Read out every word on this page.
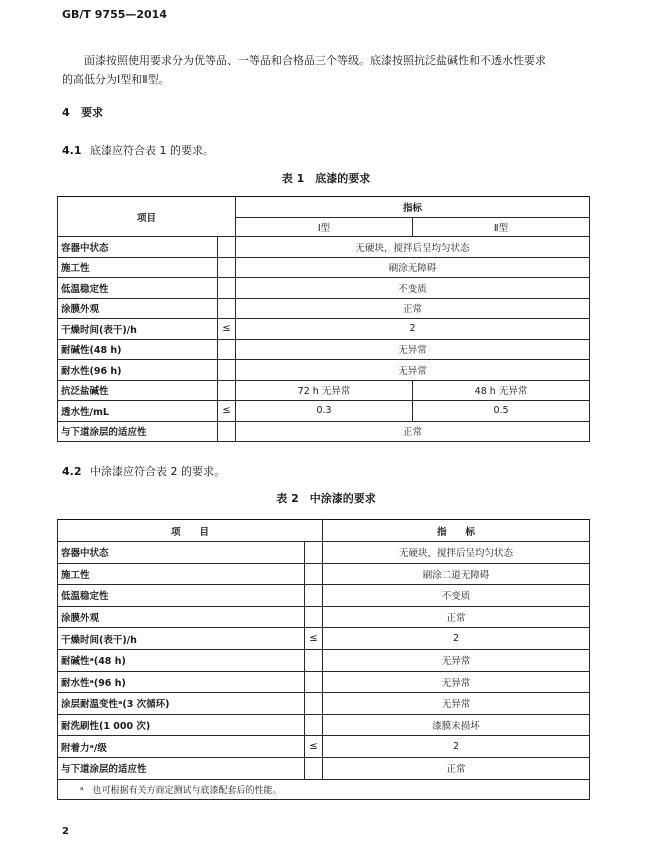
GB/T 9755—2014

面漆按照使用要求分为优等品、一等品和合格品三个等级。底漆按照抗泛盐碱性和不透水性要求

的高低分为Ⅰ型和Ⅱ型。

4 要求
4.1 底漆应符合表 1 的要求。
表 1　底漆的要求
项目		指标	
		Ⅰ型	Ⅱ型
容器中状态		无硬块，搅拌后呈均匀状态	
施工性		刷涂无障碍	
低温稳定性		不变质	
涂膜外观		正常	
干燥时间(表干)/h	≤	2	
耐碱性(48 h)		无异常	
耐水性(96 h)		无异常	
抗泛盐碱性		72 h 无异常	48 h 无异常
透水性/mL	≤	0.3	0.5
与下道涂层的适应性		正常	
4.2 中涂漆应符合表 2 的要求。
表 2　中涂漆的要求
项　　目		指　　标
容器中状态		无硬块，搅拌后呈均匀状态
施工性		刷涂二道无障碍
低温稳定性		不变质
涂膜外观		正常
干燥时间(表干)/h	≤	2
耐碱性ᵃ(48 h)		无异常
耐水性ᵃ(96 h)		无异常
涂层耐温变性ᵃ(3 次循环)		无异常
耐洗刷性(1 000 次)		漆膜未损坏
附着力ᵃ/级	≤	2
与下道涂层的适应性		正常
ᵃ　也可根据有关方商定测试与底漆配套后的性能。		
2
